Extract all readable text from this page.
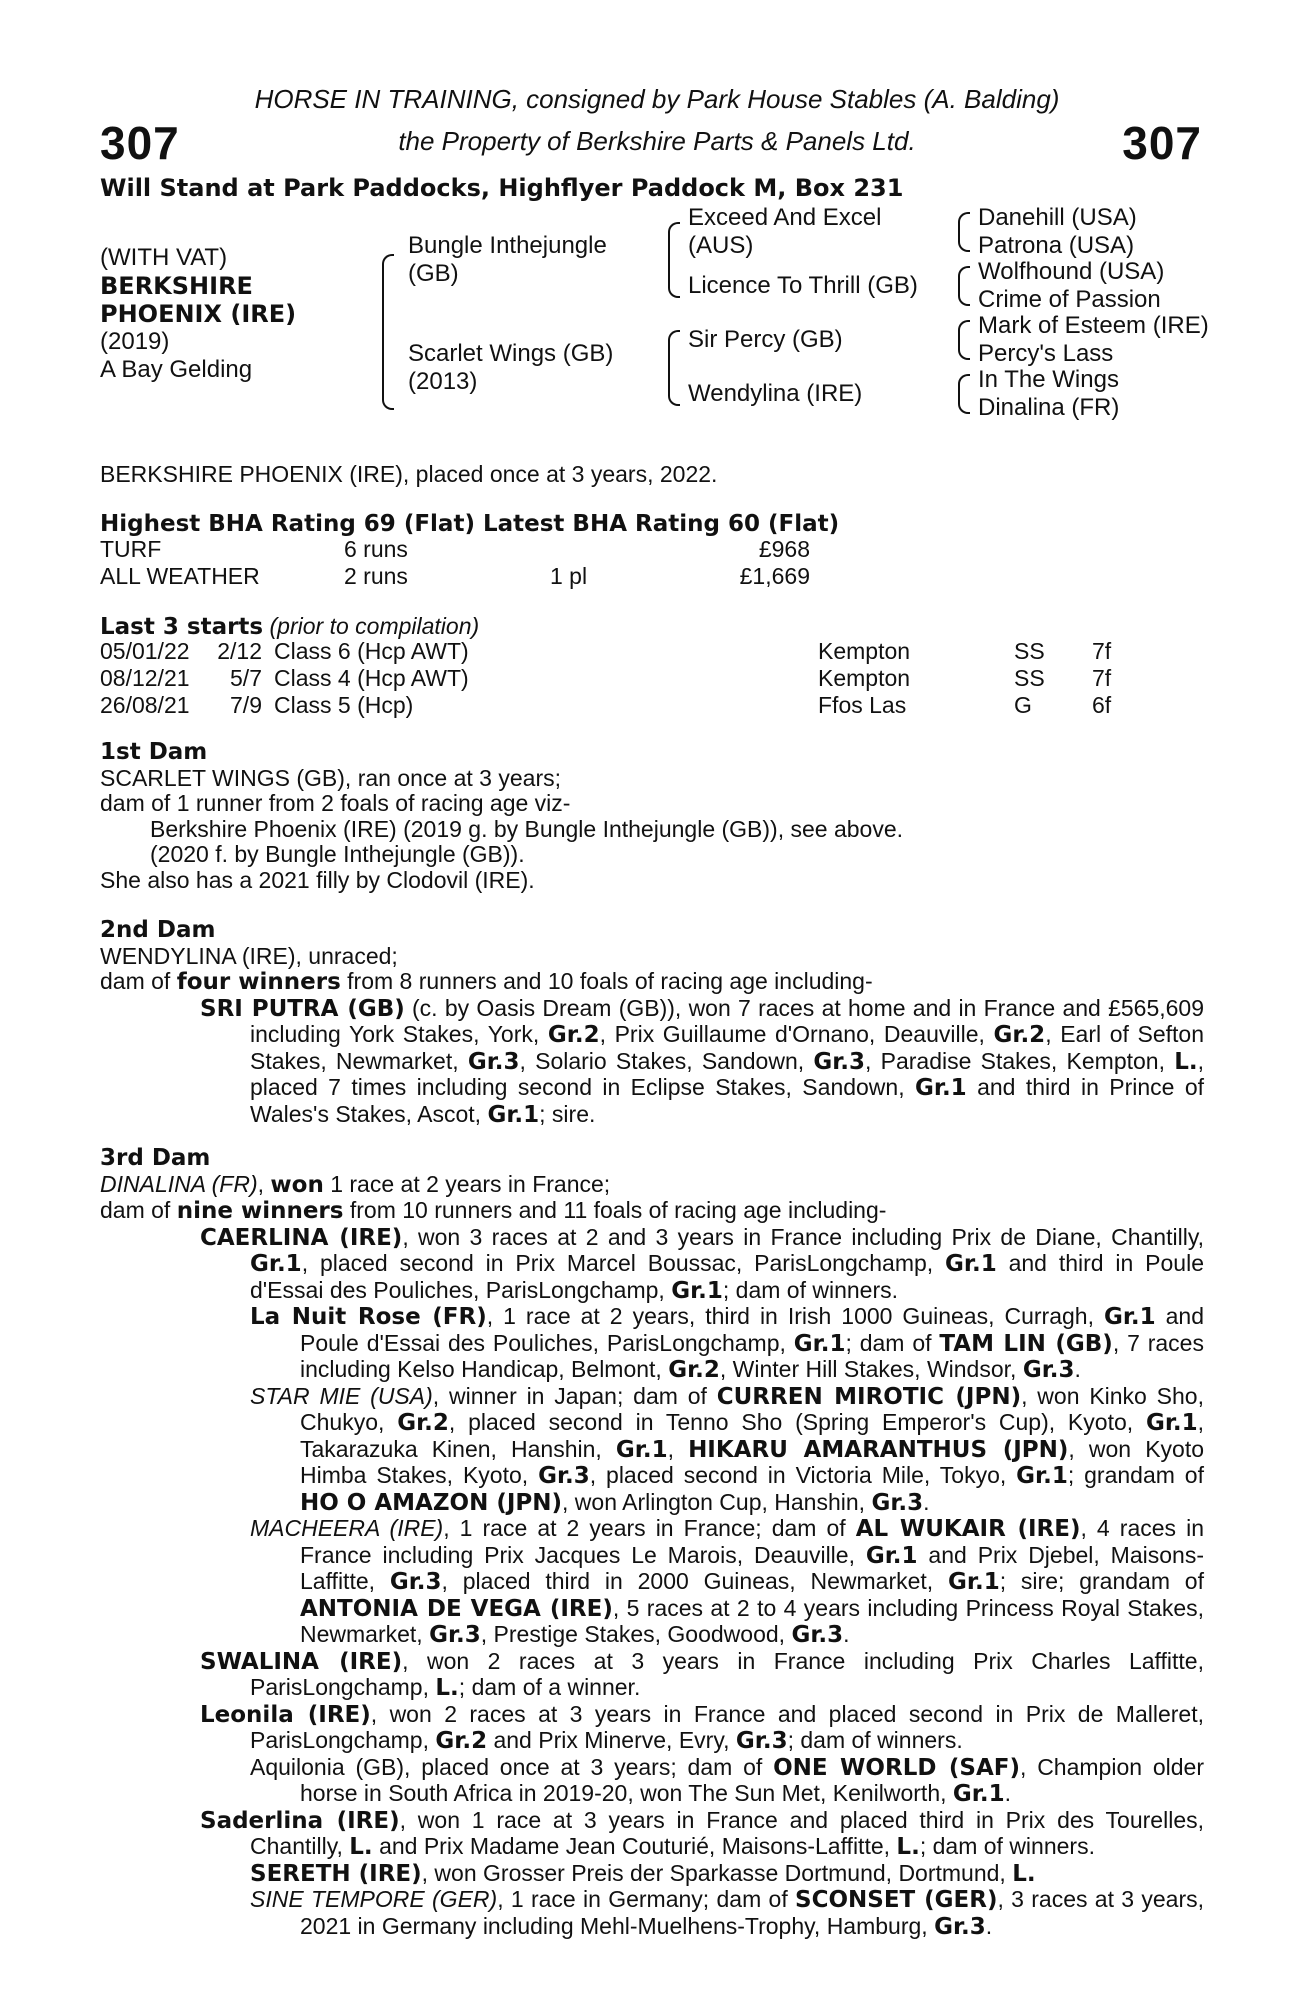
HORSE IN TRAINING, consigned by Park House Stables (A. Balding)
307	the Property of Berkshire Parts & Panels Ltd.	307
Will Stand at Park Paddocks, Highflyer Paddock M, Box 231
(WITH VAT)
BERKSHIRE
PHOENIX (IRE)
(2019)
A Bay Gelding
Bungle Inthejungle
(GB)
Scarlet Wings (GB)
(2013)
Exceed And Excel
(AUS)
Licence To Thrill (GB)
Sir Percy (GB)
Wendylina (IRE)
Danehill (USA)
Patrona (USA)
Wolfhound (USA)
Crime of Passion
Mark of Esteem (IRE)
Percy's Lass
In The Wings
Dinalina (FR)
BERKSHIRE PHOENIX (IRE), placed once at 3 years, 2022.
Highest BHA Rating 69 (Flat) Latest BHA Rating 60 (Flat)
TURF	6 runs		£968
ALL WEATHER	2 runs	1 pl	£1,669
Last 3 starts (prior to compilation)
05/01/22	2/12	Class 6 (Hcp AWT)	Kempton	SS	7f
08/12/21	5/7	Class 4 (Hcp AWT)	Kempton	SS	7f
26/08/21	7/9	Class 5 (Hcp)	Ffos Las	G	6f
1st Dam
SCARLET WINGS (GB), ran once at 3 years;
dam of 1 runner from 2 foals of racing age viz-
Berkshire Phoenix (IRE) (2019 g. by Bungle Inthejungle (GB)), see above.
(2020 f. by Bungle Inthejungle (GB)).
She also has a 2021 filly by Clodovil (IRE).
2nd Dam
WENDYLINA (IRE), unraced;
dam of four winners from 8 runners and 10 foals of racing age including-
SRI PUTRA (GB) (c. by Oasis Dream (GB)), won 7 races at home and in France and £565,609 including York Stakes, York, Gr.2, Prix Guillaume d'Ornano, Deauville, Gr.2, Earl of Sefton Stakes, Newmarket, Gr.3, Solario Stakes, Sandown, Gr.3, Paradise Stakes, Kempton, L., placed 7 times including second in Eclipse Stakes, Sandown, Gr.1 and third in Prince of Wales's Stakes, Ascot, Gr.1; sire.
3rd Dam
DINALINA (FR), won 1 race at 2 years in France;
dam of nine winners from 10 runners and 11 foals of racing age including-
CAERLINA (IRE), won 3 races at 2 and 3 years in France including Prix de Diane, Chantilly, Gr.1, placed second in Prix Marcel Boussac, ParisLongchamp, Gr.1 and third in Poule d'Essai des Pouliches, ParisLongchamp, Gr.1; dam of winners.
La Nuit Rose (FR), 1 race at 2 years, third in Irish 1000 Guineas, Curragh, Gr.1 and Poule d'Essai des Pouliches, ParisLongchamp, Gr.1; dam of TAM LIN (GB), 7 races including Kelso Handicap, Belmont, Gr.2, Winter Hill Stakes, Windsor, Gr.3.
STAR MIE (USA), winner in Japan; dam of CURREN MIROTIC (JPN), won Kinko Sho, Chukyo, Gr.2, placed second in Tenno Sho (Spring Emperor's Cup), Kyoto, Gr.1, Takarazuka Kinen, Hanshin, Gr.1, HIKARU AMARANTHUS (JPN), won Kyoto Himba Stakes, Kyoto, Gr.3, placed second in Victoria Mile, Tokyo, Gr.1; grandam of HO O AMAZON (JPN), won Arlington Cup, Hanshin, Gr.3.
MACHEERA (IRE), 1 race at 2 years in France; dam of AL WUKAIR (IRE), 4 races in France including Prix Jacques Le Marois, Deauville, Gr.1 and Prix Djebel, Maisons-Laffitte, Gr.3, placed third in 2000 Guineas, Newmarket, Gr.1; sire; grandam of ANTONIA DE VEGA (IRE), 5 races at 2 to 4 years including Princess Royal Stakes, Newmarket, Gr.3, Prestige Stakes, Goodwood, Gr.3.
SWALINA (IRE), won 2 races at 3 years in France including Prix Charles Laffitte, ParisLongchamp, L.; dam of a winner.
Leonila (IRE), won 2 races at 3 years in France and placed second in Prix de Malleret, ParisLongchamp, Gr.2 and Prix Minerve, Evry, Gr.3; dam of winners.
Aquilonia (GB), placed once at 3 years; dam of ONE WORLD (SAF), Champion older horse in South Africa in 2019-20, won The Sun Met, Kenilworth, Gr.1.
Saderlina (IRE), won 1 race at 3 years in France and placed third in Prix des Tourelles, Chantilly, L. and Prix Madame Jean Couturié, Maisons-Laffitte, L.; dam of winners.
SERETH (IRE), won Grosser Preis der Sparkasse Dortmund, Dortmund, L.
SINE TEMPORE (GER), 1 race in Germany; dam of SCONSET (GER), 3 races at 3 years, 2021 in Germany including Mehl-Muelhens-Trophy, Hamburg, Gr.3.
